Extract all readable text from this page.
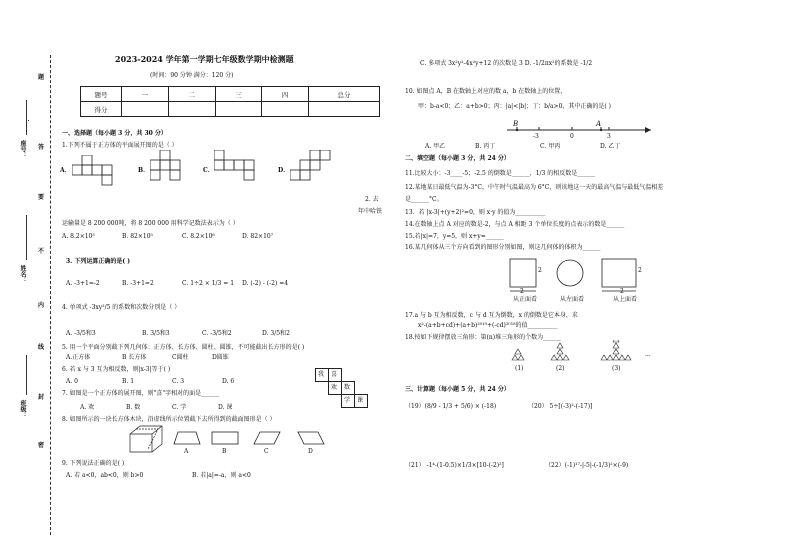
座号：
姓名：
班级：
题
答
要
不
内
线
封
密
2023-2024 学年第一学期七年级数学期中检测题
(时间：90 分钟 满分：120 分)
题号	一	二	三	四	总分
得分					
一、选择题（每小题 3 分，共 30 分）
1.下列不属于正方体的平面展开图的是（ ）
A．	B．	C．	D．
2. 去
年中哈铁
运输量是 8 200 000吨，将 8 200 000 用科学记数法表示为（ ）
A. 8.2×10⁵	B. 82×10⁵	C. 8.2×10⁶	D. 82×10⁷
3. 下列运算正确的是( )
A. -3+1=-2	B. -3+1=2	C. 1÷2 × 1/3 = 1 D. (-2) - (-2) =4
4. 单项式 -3xy²/5 的系数和次数分别是（ ）
A. -3/5和3	B. 3/5和3	C. -3/5和2	D. 3/5和2
5. 用一个平面分别截下列几何体：正方体、长方体、圆柱、圆锥，不可能截出长方形的是( )
A.正方体	B 长方体	C圆柱	D圆锥
6. 若 x 与 3 互为相反数，则|x-3|等于( )
A. 0	B. 1	C. 3	D. 6
我 喜
欢 数
学 课
7. 如图是一个正方体的展开图，则"喜"字相对的面是______
A. 欢	B. 数	C. 学	D. 课
8. 如图所示的一块长方体木块，沿虚线所示位置截下去所得到的截面图形是（ ）
A	B	C	D
9. 下列说法正确的是( )
A. 若 a<0，ab<0，则 b>0	B. 若|a|=-a，则 a<0
C. 多项式 3x²y²-4x²y+12 的次数是 3 D. -1/2πx²的系数是 -1/2
10. 如图点 A，B 在数轴上对应的数 a，b 在数轴上的位置，
甲：b-a<0；乙：a+b>0；丙：|a|<|b|；丁：b/a>0，其中正确的是( )
B	A
-3	0	3
A. 甲乙	B. 丙丁	C. 甲丙	D. 乙丁
二、填空题（每小题 3 分，共 24 分）
11.比较大小：-3____-5；-2.5 的倒数是______，1/3 的相反数是______
12.某地某日最低气温为-3°C，中午时气温最高为 6°C，则该地这一天的最高气温与最低气温相差
是______°C。
13．若 |x-3|+(y+2)²=0，则 x·y 的值为__________
14.在数轴上点 A 对应的数是-2，与点 A 相距 3 个单位长度的点表示的数是______
15.若|x|=7，y=5，则 x+y=______
16.某几何体从三个方向看到的图形分别如图，则这几何体的体积为______
2
2
2
2
从正面看	从左面看	从上面看
17.a 与 b 互为相反数，c 与 d 互为倒数，x 的倒数是它本身，求
x²-(a+b+cd)+(a+b)²⁰¹⁹+(-cd)²⁰¹⁸的值__________
18.按如下规律摆放三角形：第(n)堆三角形的个数为______
···
(1)	(2)	(3)
三、计算题（每小题 5 分，共 24 分）
（19）(8/9 - 1/3 + 5/6) × (-18)	（20） 5÷[(-3)²-(-17)]
（21） -1⁴-(1-0.5)×1/3×[10-(-2)²]	（22）(-1)¹⁷-|-5|-(-1/3)²×(-9)
